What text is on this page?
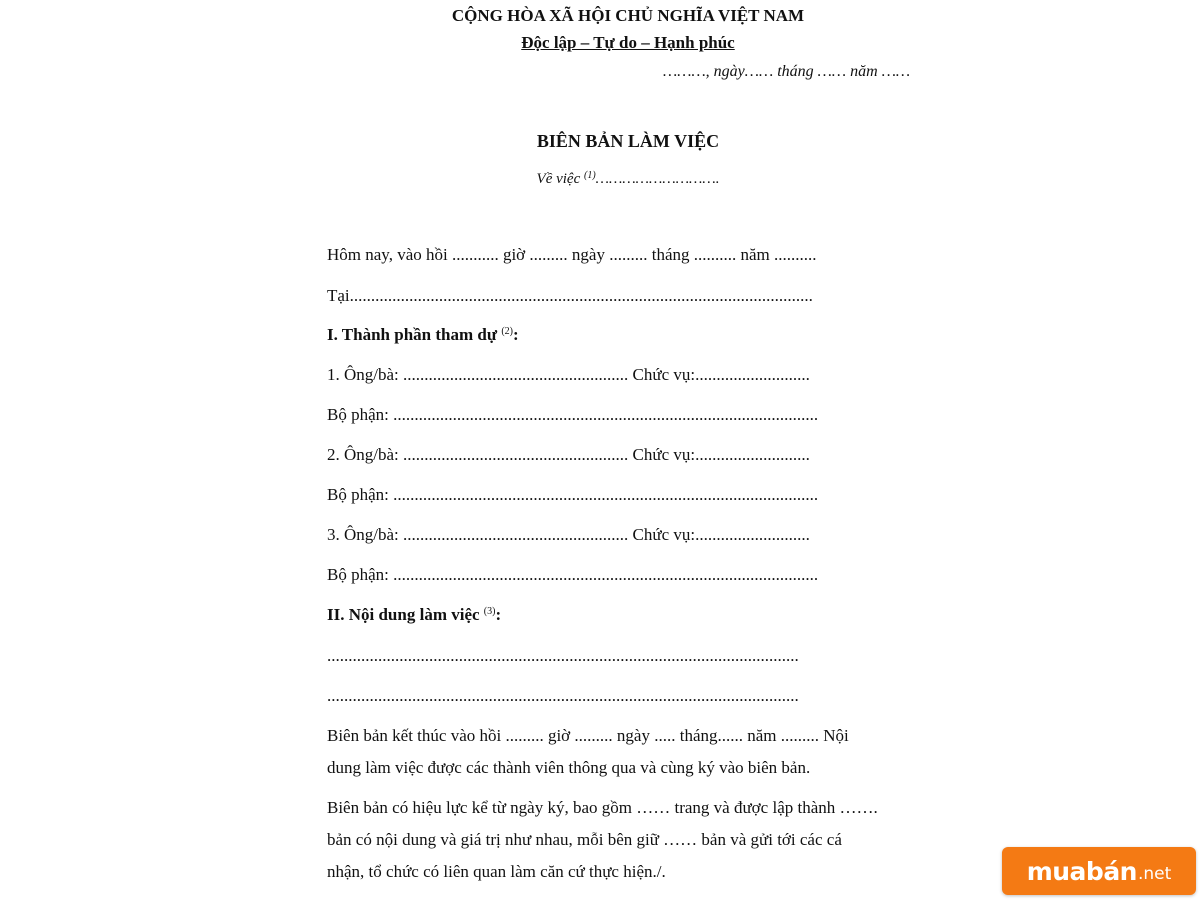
CỘNG HÒA XÃ HỘI CHỦ NGHĨA VIỆT NAM
Độc lập – Tự do – Hạnh phúc
………, ngày…… tháng …… năm ……
BIÊN BẢN LÀM VIỆC
Về việc $^{(1)}$……………………….
Hôm nay, vào hồi ........... giờ ......... ngày ......... tháng .......... năm ..........
Tại.............................................................................................................
I. Thành phần tham dự $^{(2)}$:
1. Ông/bà: ..................................................... Chức vụ:...........................
Bộ phận: ....................................................................................................
2. Ông/bà: ..................................................... Chức vụ:...........................
Bộ phận: ....................................................................................................
3. Ông/bà: ..................................................... Chức vụ:...........................
Bộ phận: ....................................................................................................
II. Nội dung làm việc $^{(3)}$:
...............................................................................................................
...............................................................................................................
Biên bản kết thúc vào hồi ......... giờ ......... ngày ..... tháng...... năm ......... Nội
dung làm việc được các thành viên thông qua và cùng ký vào biên bản.
Biên bản có hiệu lực kể từ ngày ký, bao gồm …… trang và được lập thành …….
bản có nội dung và giá trị như nhau, mỗi bên giữ …… bản và gửi tới các cá
nhận, tổ chức có liên quan làm căn cứ thực hiện./.	muabán .net
